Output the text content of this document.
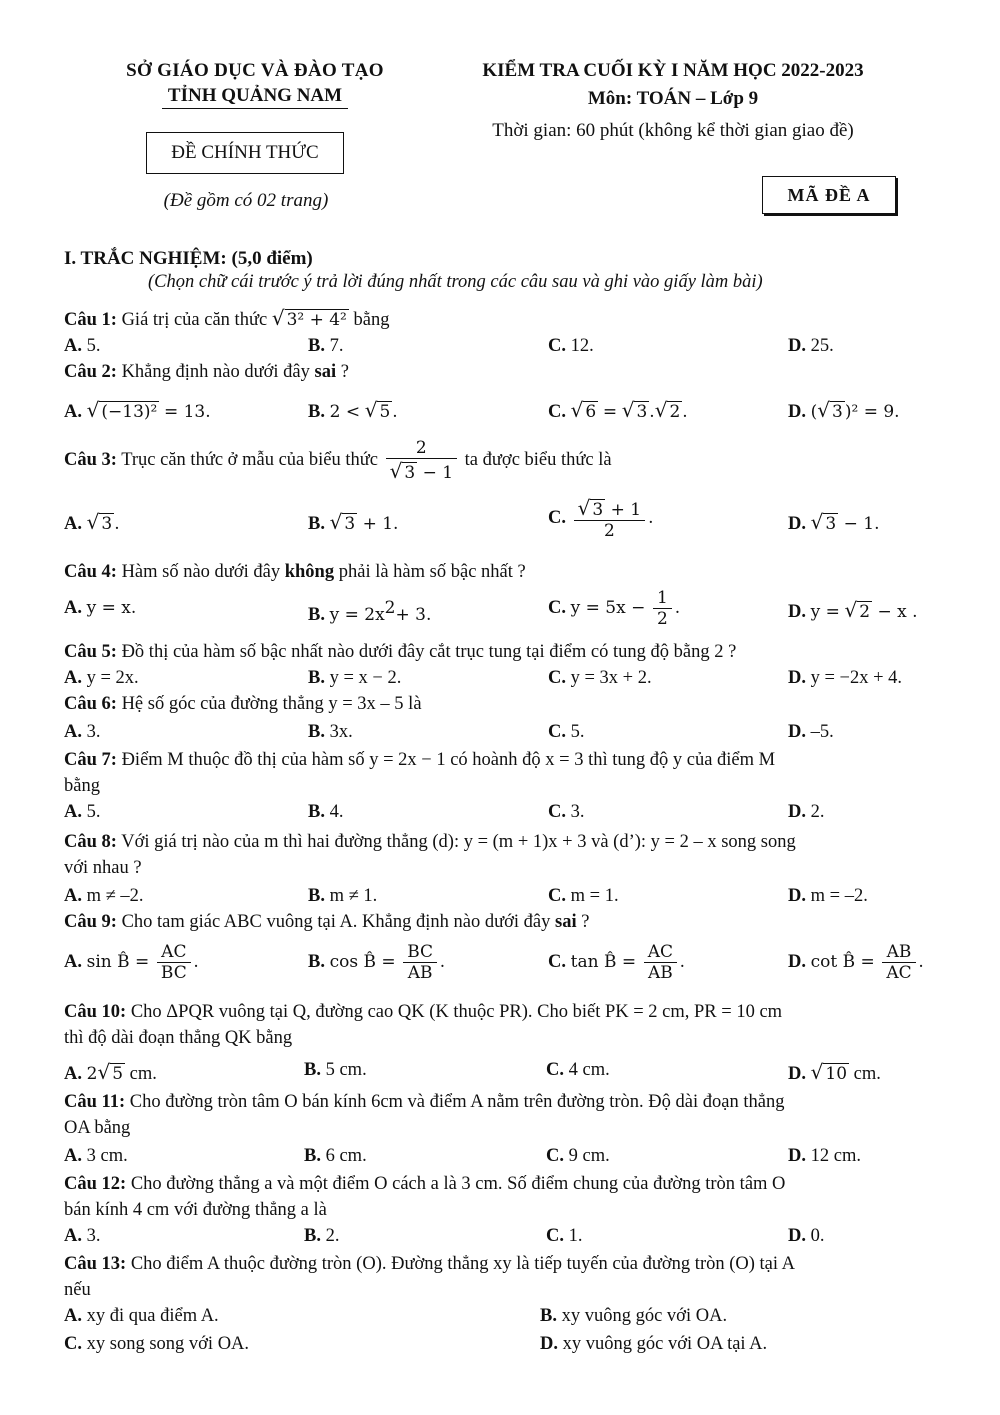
SỞ GIÁO DỤC VÀ ĐÀO TẠO
TỈNH QUẢNG NAM
ĐỀ CHÍNH THỨC
(Đề gồm có 02 trang)
KIỂM TRA CUỐI KỲ I NĂM HỌC 2022-2023
Môn: TOÁN – Lớp 9
Thời gian: 60 phút (không kể thời gian giao đề)
MÃ ĐỀ A
I. TRẮC NGHIỆM: (5,0 điểm)
(Chọn chữ cái trước ý trả lời đúng nhất trong các câu sau và ghi vào giấy làm bài)
Câu 1: Giá trị của căn thức √ 3² + 4² bằng
A. 5.	B. 7.	C. 12.	D. 25.
Câu 2: Khẳng định nào dưới đây sai ?
A. √ (−13)² = 13.	B. 2 < √ 5 .	C. √ 6 = √ 3 .√ 2 .	D. (√ 3 )² = 9.
Câu 3: Trục căn thức ở mẫu của biểu thức $\frac{2}{√ 3 - 1}$ ta được biểu thức là
A. √ 3 .	B. √ 3 + 1.	C. $\frac{√ 3 + 1}{2}$ .	D. √ 3 − 1.
Câu 4: Hàm số nào dưới đây không phải là hàm số bậc nhất ?
A. y = x.	B. $y = 2x^2+ 3$.	C. $y = 5x - \frac{1}{2}$ .	D. y = √ 2 − x .
Câu 5: Đồ thị của hàm số bậc nhất nào dưới đây cắt trục tung tại điểm có tung độ bằng 2 ?
A. y = 2x.	B. y = x − 2.	C. y = 3x + 2.	D. y = −2x + 4.
Câu 6: Hệ số góc của đường thẳng y = 3x – 5 là
A. 3.	B. 3x.	C. 5.	D. –5.
Câu 7: Điểm M thuộc đồ thị của hàm số y = 2x − 1 có hoành độ x = 3 thì tung độ y của điểm M
bằng
A. 5.	B. 4.	C. 3.	D. 2.
Câu 8: Với giá trị nào của m thì hai đường thẳng (d): y = (m + 1)x + 3 và (d’): y = 2 – x song song
với nhau ?
A. m ≠ –2.	B. m ≠ 1.	C. m = 1.	D. m = –2.
Câu 9: Cho tam giác ABC vuông tại A. Khẳng định nào dưới đây sai ?
A. sin B̂ = $\frac{AC}{BC}$ .	B. cos B̂ = $\frac{BC}{AB}$ .	C. tan B̂ = $\frac{AC}{AB}$ .	D. cot B̂ = $\frac{AB}{AC}$ .
Câu 10: Cho ΔPQR vuông tại Q, đường cao QK (K thuộc PR). Cho biết PK = 2 cm, PR = 10 cm
thì độ dài đoạn thẳng QK bằng
A. 2√ 5 cm.	B. 5 cm.	C. 4 cm.	D. √ 10 cm.
Câu 11: Cho đường tròn tâm O bán kính 6cm và điểm A nằm trên đường tròn. Độ dài đoạn thẳng
OA bằng
A. 3 cm.	B. 6 cm.	C. 9 cm.	D. 12 cm.
Câu 12: Cho đường thẳng a và một điểm O cách a là 3 cm. Số điểm chung của đường tròn tâm O
bán kính 4 cm với đường thẳng a là
A. 3.	B. 2.	C. 1.	D. 0.
Câu 13: Cho điểm A thuộc đường tròn (O). Đường thẳng xy là tiếp tuyến của đường tròn (O) tại A
nếu
A. xy đi qua điểm A.	B. xy vuông góc với OA.
C. xy song song với OA.	D. xy vuông góc với OA tại A.
